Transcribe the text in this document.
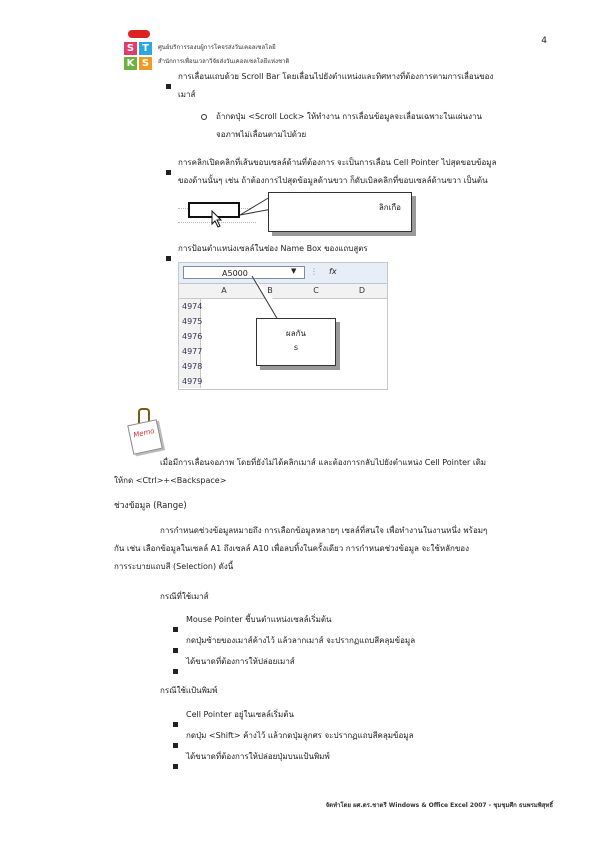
4
S T
K S
ศูนย์บริการรองบผู้การโคจรส่งวันเคอลเซลโลยี
สำนักการเพื่อนเวลาวิจัยส่งวันเคอลเซลโลยีแห่งชาติ
การเลื่อนแถบด้วย Scroll Bar โดยเลื่อนไปยังตำแหน่งและทิศทางที่ต้องการตามการเลื่อนของ
เมาส์
ถ้ากดปุ่ม <Scroll Lock> ให้ทำงาน การเลื่อนข้อมูลจะเลื่อนเฉพาะในแผ่นงาน
จอภาพไม่เลื่อนตามไปด้วย
การคลิกเปิดคลิกที่เส้นขอบเซลล์ด้านที่ต้องการ จะเป็นการเลื่อน Cell Pointer ไปสุดขอบข้อมูล
ของด้านนั้นๆ เช่น ถ้าต้องการไปสุดข้อมูลด้านขวา ก็ดับเบิลคลิกที่ขอบเซลล์ด้านขวา เป็นต้น
ลิกเกือ
การป้อนตำแหน่งเซลล์ในช่อง Name Box ของแถบสูตร
A5000	▼ ⋮ fx
A	B	C	D
4974
4975
4976
4977
4978
4979
ผลกัน
s
Memo
เมื่อมีการเลื่อนจอภาพ โดยที่ยังไม่ได้คลิกเมาส์ และต้องการกลับไปยังตำแหน่ง Cell Pointer เดิม
ให้กด <Ctrl>+<Backspace>
ช่วงข้อมูล (Range)
การกำหนดช่วงข้อมูลหมายถึง การเลือกข้อมูลหลายๆ เซลล์ที่สนใจ เพื่อทำงานในงานหนึ่ง พร้อมๆ
กัน เช่น เลือกข้อมูลในเซลล์ A1 ถึงเซลล์ A10 เพื่อลบทิ้งในครั้งเดียว การกำหนดช่วงข้อมูล จะใช้หลักของ
การระบายแถบสี (Selection) ดังนี้
กรณีที่ใช้เมาส์
Mouse Pointer ชี้บนตำแหน่งเซลล์เริ่มต้น
กดปุ่มซ้ายของเมาส์ค้างไว้ แล้วลากเมาส์ จะปรากฏแถบสีคลุมข้อมูล
ได้ขนาดที่ต้องการให้ปล่อยเมาส์
กรณีใช้แป้นพิมพ์
Cell Pointer อยู่ในเซลล์เริ่มต้น
กดปุ่ม <Shift> ค้างไว้ แล้วกดปุ่มลูกศร จะปรากฏแถบสีคลุมข้อมูล
ได้ขนาดที่ต้องการให้ปล่อยปุ่มบนแป้นพิมพ์
จัดทำโดย ผศ.ดร.ชาตรี Windows & Office Excel 2007 - ชุมชุมศึก ธนพรมพิสุทธิ์
